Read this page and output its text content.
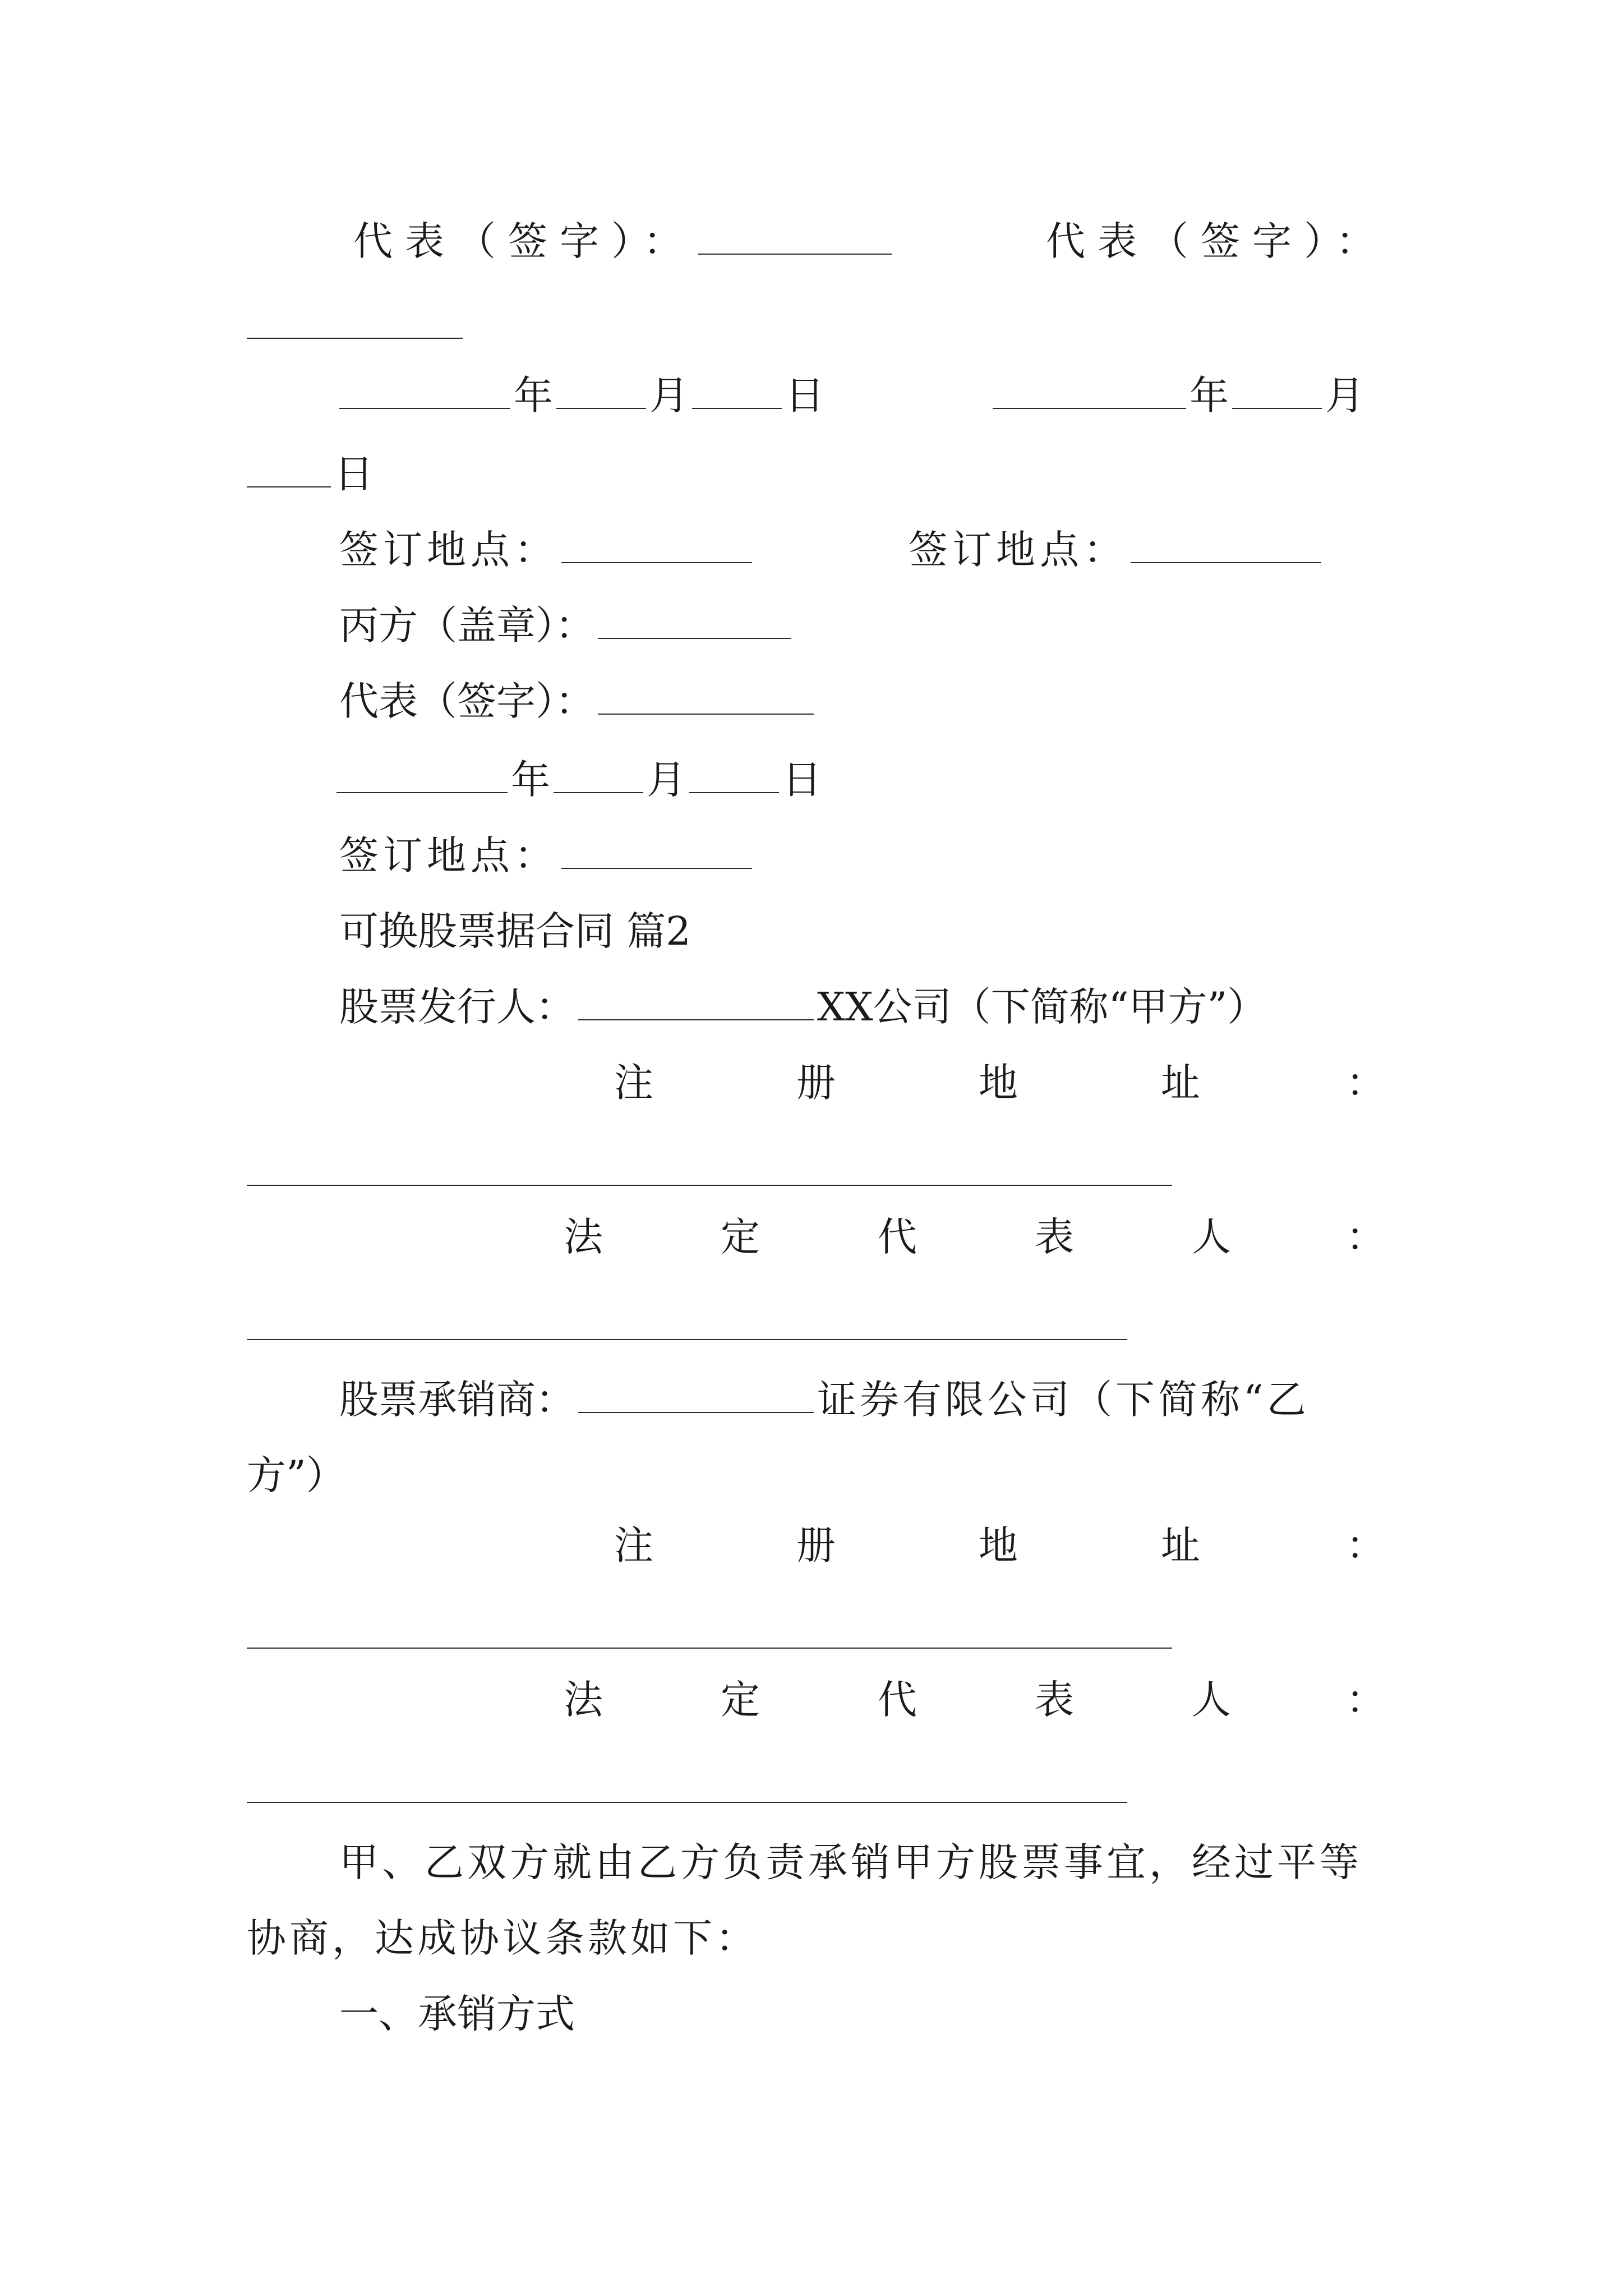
代表（签字）：	代表（签字）：
年 月 日	年 月
日
签订地点：	签订地点：
丙方（盖章）：
代表（签字）：
年 月 日
签订地点：
可换股票据合同 篇2
股票发行人：	XX公司（下简称“甲方”）
注	册	地	址	：
法	定	代	表	人	：
股票承销商：	证券有限公司（下简称“乙
方”）
注	册	地	址	：
法	定	代	表	人	：
甲、乙双方就由乙方负责承销甲方股票事宜，经过平等
协商，达成协议条款如下：
一、承销方式
